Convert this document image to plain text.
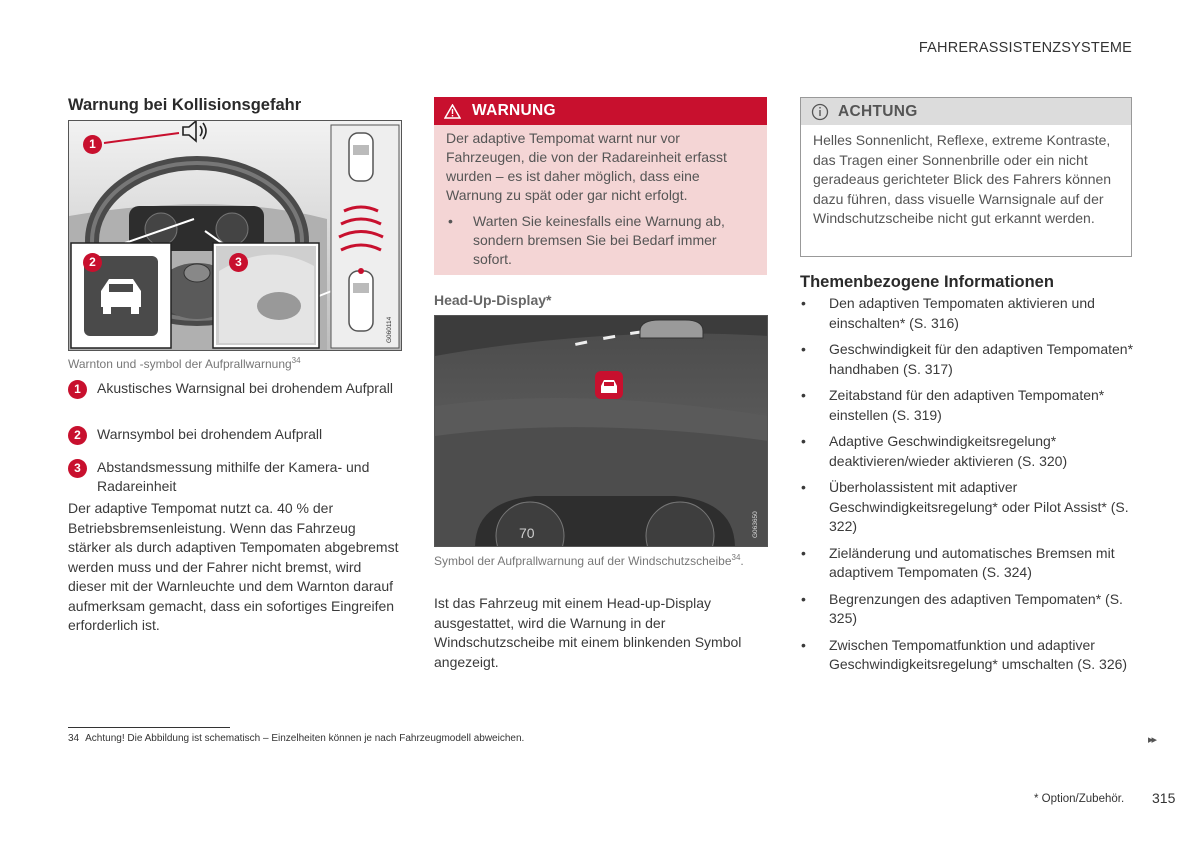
FAHRERASSISTENZSYSTEME
Warnung bei Kollisionsgefahr
G060114
1
2	3
Warnton und -symbol der Aufprallwarnung$^{34}$
1	Akustisches Warnsignal bei drohendem Aufprall
2	Warnsymbol bei drohendem Aufprall
3	Abstandsmessung mithilfe der Kamera- und Radareinheit
Der adaptive Tempomat nutzt ca. 40 % der Betriebsbremsenleistung. Wenn das Fahrzeug stärker als durch adaptiven Tempomaten abgebremst werden muss und der Fahrer nicht bremst, wird dieser mit der Warnleuchte und dem Warnton darauf aufmerksam gemacht, dass ein sofortiges Eingreifen erforderlich ist.
WARNUNG
Der adaptive Tempomat warnt nur vor Fahrzeugen, die von der Radareinheit erfasst wurden – es ist daher möglich, dass eine Warnung zu spät oder gar nicht erfolgt.
•	Warten Sie keinesfalls eine Warnung ab, sondern bremsen Sie bei Bedarf immer sofort.
Head-Up-Display*
70	G063650
Symbol der Aufprallwarnung auf der Windschutzscheibe$^{34}$.
Ist das Fahrzeug mit einem Head-up-Display ausgestattet, wird die Warnung in der Windschutzscheibe mit einem blinkenden Symbol angezeigt.
ACHTUNG
Helles Sonnenlicht, Reflexe, extreme Kontraste, das Tragen einer Sonnenbrille oder ein nicht geradeaus gerichteter Blick des Fahrers können dazu führen, dass visuelle Warnsignale auf der Windschutzscheibe nicht gut erkannt werden.
Themenbezogene Informationen
•	Den adaptiven Tempomaten aktivieren und einschalten* (S. 316)
•	Geschwindigkeit für den adaptiven Tempomaten* handhaben (S. 317)
•	Zeitabstand für den adaptiven Tempomaten* einstellen (S. 319)
•	Adaptive Geschwindigkeitsregelung* deaktivieren/wieder aktivieren (S. 320)
•	Überholassistent mit adaptiver Geschwindigkeitsregelung* oder Pilot Assist* (S. 322)
•	Zieländerung und automatisches Bremsen mit adaptivem Tempomaten (S. 324)
•	Begrenzungen des adaptiven Tempomaten* (S. 325)
•	Zwischen Tempomatfunktion und adaptiver Geschwindigkeitsregelung* umschalten (S. 326)
34 Achtung! Die Abbildung ist schematisch – Einzelheiten können je nach Fahrzeugmodell abweichen.	▸▸
* Option/Zubehör. 315
